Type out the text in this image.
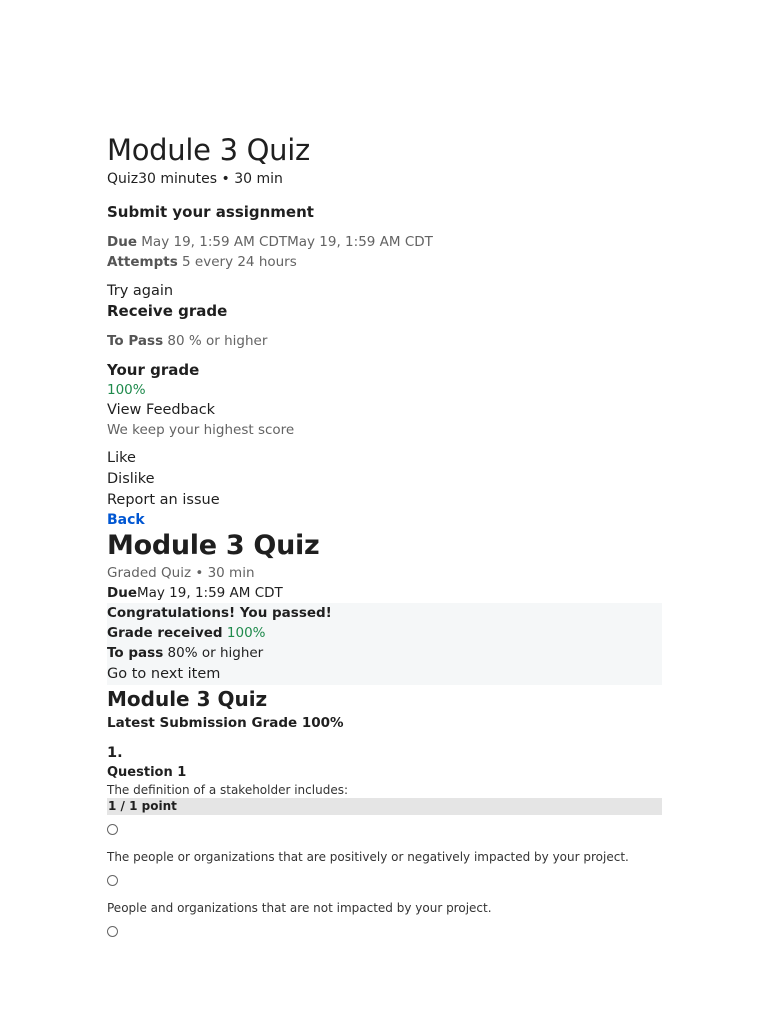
Module 3 Quiz

Quiz30 minutes • 30 min

Submit your assignment

Due May 19, 1:59 AM CDTMay 19, 1:59 AM CDT
Attempts 5 every 24 hours
Try again

Receive grade

To Pass 80 % or higher

Your grade

100%
View Feedback
We keep your highest score
Like
Dislike
Report an issue
Back
Module 3 Quiz
Graded Quiz • 30 min
DueMay 19, 1:59 AM CDT
Congratulations! You passed!
Grade received 100%
To pass 80% or higher
Go to next item
Module 3 Quiz
Latest Submission Grade 100%
1.
Question 1
The definition of a stakeholder includes:
1 / 1 point
The people or organizations that are positively or negatively impacted by your project.
People and organizations that are not impacted by your project.
